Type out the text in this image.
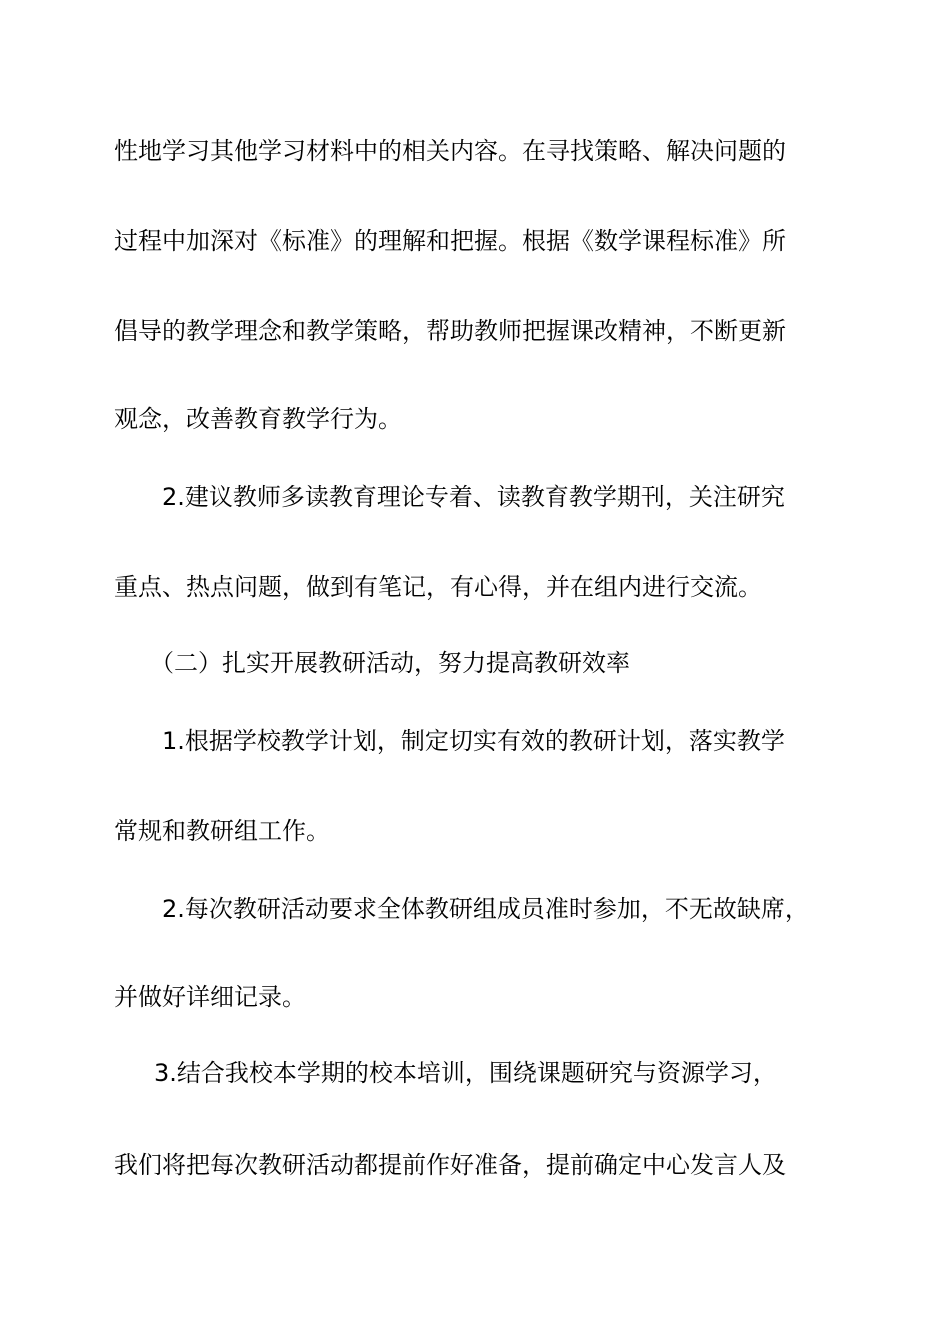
性地学习其他学习材料中的相关内容。在寻找策略、解决问题的
过程中加深对《标准》的理解和把握。根据《数学课程标准》所
倡导的教学理念和教学策略，帮助教师把握课改精神，不断更新
观念，改善教育教学行为。
2.建议教师多读教育理论专着、读教育教学期刊，关注研究
重点、热点问题，做到有笔记，有心得，并在组内进行交流。
（二）扎实开展教研活动，努力提高教研效率
1.根据学校教学计划，制定切实有效的教研计划，落实教学
常规和教研组工作。
2.每次教研活动要求全体教研组成员准时参加，不无故缺席，
并做好详细记录。
3.结合我校本学期的校本培训，围绕课题研究与资源学习，
我们将把每次教研活动都提前作好准备，提前确定中心发言人及
